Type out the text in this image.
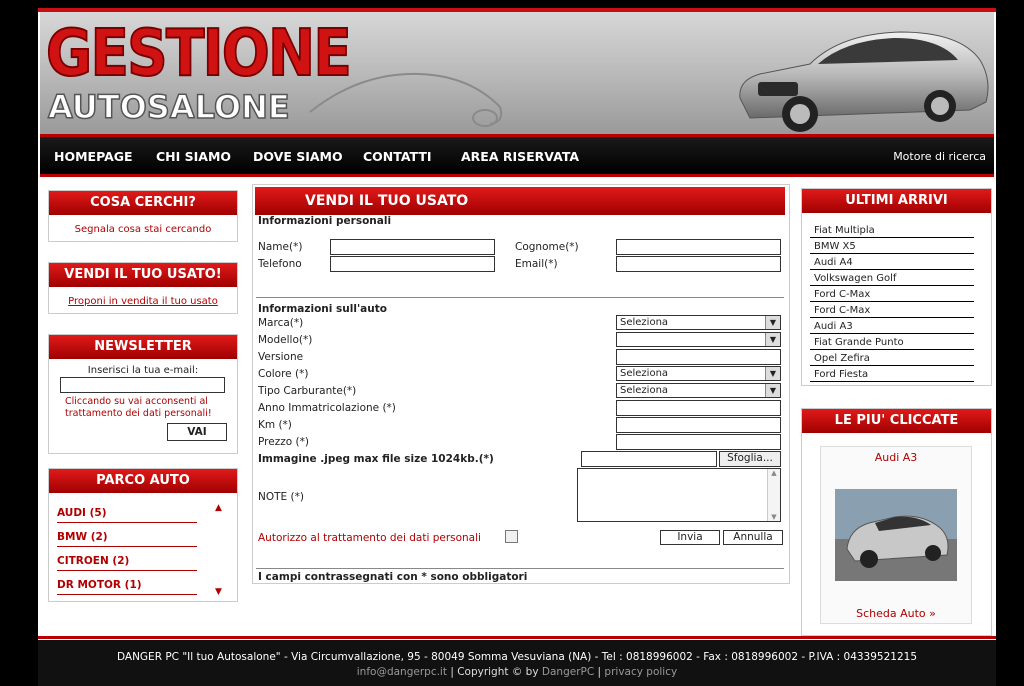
GESTIONE
AUTOSALONE
HOMEPAGE CHI SIAMO DOVE SIAMO CONTATTI AREA RISERVATA	Motore di ricerca
COSA CERCHI?
Segnala cosa stai cercando
VENDI IL TUO USATO!
Proponi in vendita il tuo usato
NEWSLETTER
Inserisci la tua e-mail:
Cliccando su vai acconsenti al trattamento dei dati personali!
VAI
PARCO AUTO
AUDI (5)
BMW (2)
CITROEN (2)
DR MOTOR (1)
▲
▼
VENDI IL TUO USATO
Informazioni personali
Name(*)	Cognome(*)
Telefono	Email(*)
Informazioni sull'auto
Marca(*)	Seleziona	▼
Modello(*)	▼
Versione
Colore (*)	Seleziona	▼
Tipo Carburante(*)	Seleziona	▼
Anno Immatricolazione (*)
Km (*)
Prezzo (*)
Immagine .jpeg max file size 1024kb.(*)	Sfoglia...
NOTE (*)
▲
▼
Autorizzo al trattamento dei dati personali	Invia	Annulla
I campi contrassegnati con * sono obbligatori
ULTIMI ARRIVI
Fiat Multipla
BMW X5
Audi A4
Volkswagen Golf
Ford C-Max
Ford C-Max
Audi A3
Fiat Grande Punto
Opel Zefira
Ford Fiesta
LE PIU' CLICCATE
Audi A3
Scheda Auto »
DANGER PC "Il tuo Autosalone" - Via Circumvallazione, 95 - 80049 Somma Vesuviana (NA) - Tel : 0818996002 - Fax : 0818996002 - P.IVA : 04339521215
info@dangerpc.it | Copyright © by DangerPC | privacy policy
